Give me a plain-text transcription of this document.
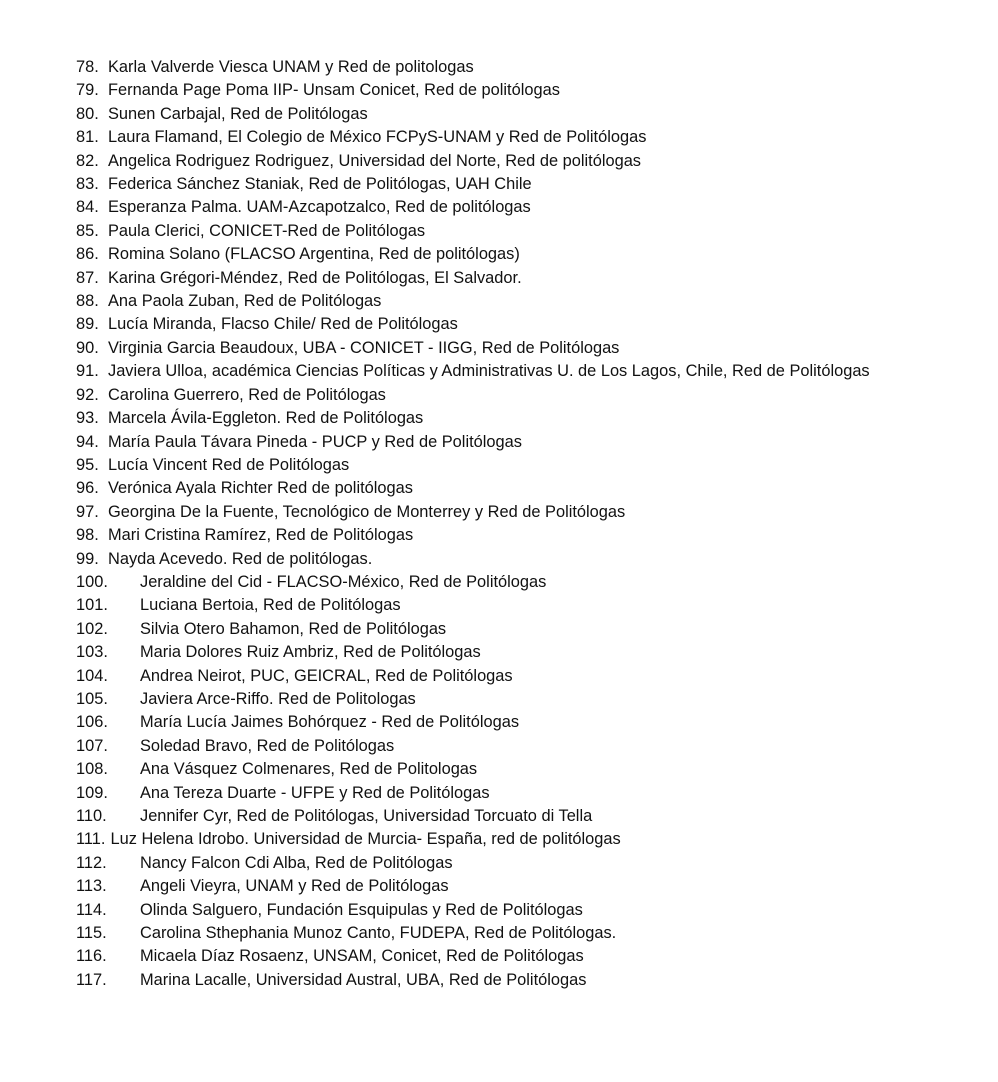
78. Karla Valverde Viesca UNAM y Red de politologas
79. Fernanda Page Poma IIP- Unsam Conicet, Red de politólogas
80. Sunen Carbajal, Red de Politólogas
81. Laura Flamand, El Colegio de México FCPyS-UNAM y Red de Politólogas
82. Angelica Rodriguez Rodriguez, Universidad del Norte, Red de politólogas
83. Federica Sánchez Staniak, Red de Politólogas, UAH Chile
84. Esperanza Palma. UAM-Azcapotzalco, Red de politólogas
85. Paula Clerici, CONICET-Red de Politólogas
86. Romina Solano (FLACSO Argentina, Red de politólogas)
87. Karina Grégori-Méndez, Red de Politólogas, El Salvador.
88. Ana Paola Zuban, Red de Politólogas
89. Lucía Miranda, Flacso Chile/ Red de Politólogas
90. Virginia Garcia Beaudoux, UBA - CONICET - IIGG, Red de Politólogas
91. Javiera Ulloa, académica Ciencias Políticas y Administrativas U. de Los Lagos, Chile, Red de Politólogas
92. Carolina Guerrero, Red de Politólogas
93. Marcela Ávila-Eggleton. Red de Politólogas
94. María Paula Távara Pineda - PUCP y Red de Politólogas
95. Lucía Vincent Red de Politólogas
96. Verónica Ayala Richter Red de politólogas
97. Georgina De la Fuente, Tecnológico de Monterrey y Red de Politólogas
98. Mari Cristina Ramírez, Red de Politólogas
99. Nayda Acevedo. Red de politólogas.
100.	Jeraldine del Cid - FLACSO-México, Red de Politólogas
101.	Luciana Bertoia, Red de Politólogas
102.	Silvia Otero Bahamon, Red de Politólogas
103.	Maria Dolores Ruiz Ambriz, Red de Politólogas
104.	Andrea Neirot, PUC, GEICRAL, Red de Politólogas
105.	Javiera Arce-Riffo. Red de Politologas
106.	María Lucía Jaimes Bohórquez - Red de Politólogas
107.	Soledad Bravo, Red de Politólogas
108.	Ana Vásquez Colmenares, Red de Politologas
109.	Ana Tereza Duarte - UFPE y Red de Politólogas
110.	Jennifer Cyr, Red de Politólogas, Universidad Torcuato di Tella
111. Luz Helena Idrobo. Universidad de Murcia- España, red de politólogas
112.	Nancy Falcon Cdi Alba, Red de Politólogas
113.	Angeli Vieyra, UNAM y Red de Politólogas
114.	Olinda Salguero, Fundación Esquipulas y Red de Politólogas
115.	Carolina Sthephania Munoz Canto, FUDEPA, Red de Politólogas.
116.	Micaela Díaz Rosaenz, UNSAM, Conicet, Red de Politólogas
117.	Marina Lacalle, Universidad Austral, UBA, Red de Politólogas
